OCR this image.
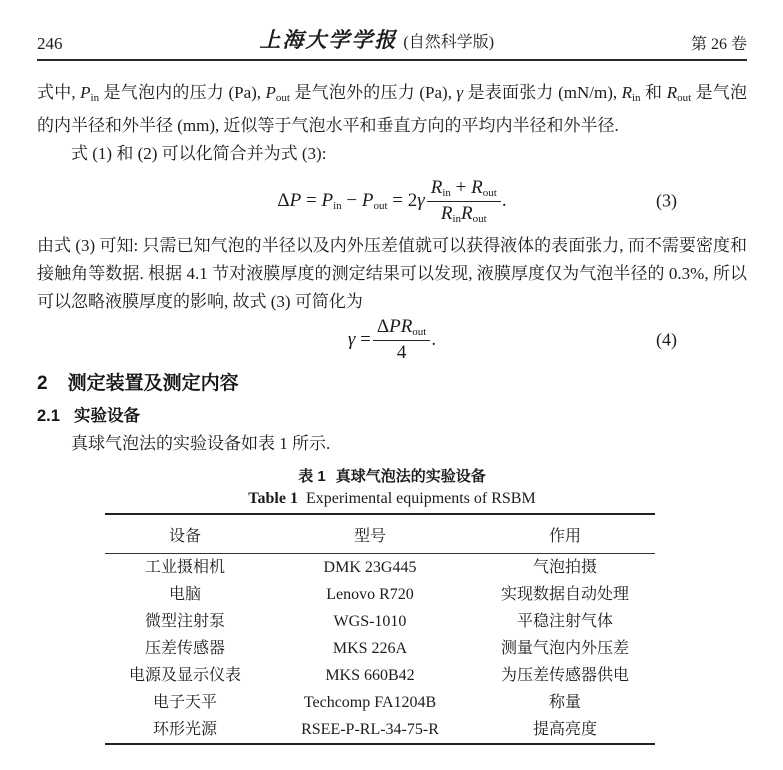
246	上海大学学报 (自然科学版)	第 26 卷

式中, Pin 是气泡内的压力 (Pa), Pout 是气泡外的压力 (Pa), γ 是表面张力 (mN/m), Rin 和 Rout 是气泡的内半径和外半径 (mm), 近似等于气泡水平和垂直方向的平均内半径和外半径.

式 (1) 和 (2) 可以化简合并为式 (3):

ΔP = Pin − Pout = $2\gamma \frac{\text{Rin + Rout}}{\text{RinRout}}$ .	(3)

由式 (3) 可知: 只需已知气泡的半径以及内外压差值就可以获得液体的表面张力, 而不需要密度和接触角等数据. 根据 4.1 节对液膜厚度的测定结果可以发现, 液膜厚度仅为气泡半径的 0.3%, 所以可以忽略液膜厚度的影响, 故式 (3) 可简化为

$\gamma = \frac{\text{ΔPRout}}{4}$ .	(4)
2 测定装置及测定内容
2.1 实验设备

真球气泡法的实验设备如表 1 所示.

表 1 真球气泡法的实验设备
Table 1 Experimental equipments of RSBM
设备	型号	作用
工业摄相机	DMK 23G445	气泡拍摄
电脑	Lenovo R720	实现数据自动处理
微型注射泵	WGS-1010	平稳注射气体
压差传感器	MKS 226A	测量气泡内外压差
电源及显示仪表	MKS 660B42	为压差传感器供电
电子天平	Techcomp FA1204B	称量
环形光源	RSEE-P-RL-34-75-R	提高亮度
